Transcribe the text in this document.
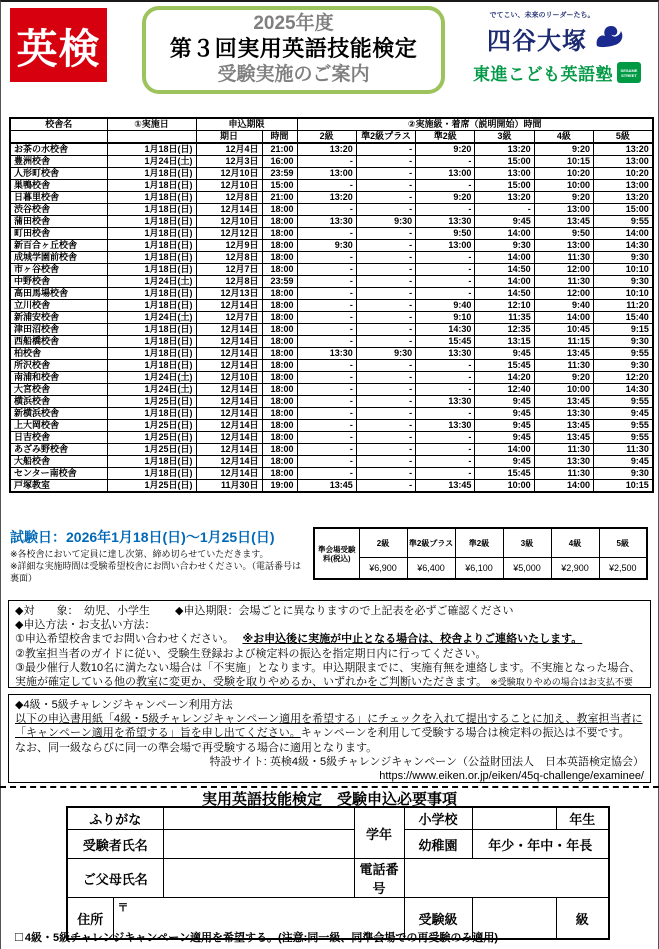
英検
2025年度
第３回実用英語技能検定
受験実施のご案内
でてこい、未来のリーダーたち。
四谷大塚
東進こども英語塾	SESAME STREET
校舎名	①実施日	申込期限		②実施級・着席（説明開始）時間					
		期日	時間	2級	準2級プラス	準2級	3級	4級	5級
お茶の水校舎	1月18日(日)	12月4日	21:00	13:20	-	9:20	13:20	9:20	13:20
豊洲校舎	1月24日(土)	12月3日	16:00	-	-	-	15:00	10:15	13:00
人形町校舎	1月18日(日)	12月10日	23:59	13:00	-	13:00	13:00	10:20	10:20
巣鴨校舎	1月18日(日)	12月10日	15:00	-	-	-	15:00	10:00	13:00
日暮里校舎	1月18日(日)	12月8日	21:00	13:20	-	9:20	13:20	9:20	13:20
渋谷校舎	1月18日(日)	12月14日	18:00	-	-	-	-	13:00	15:00
蒲田校舎	1月18日(日)	12月10日	18:00	13:30	9:30	13:30	9:45	13:45	9:55
町田校舎	1月18日(日)	12月12日	18:00	-	-	9:50	14:00	9:50	14:00
新百合ヶ丘校舎	1月18日(日)	12月9日	18:00	9:30	-	13:00	9:30	13:00	14:30
成城学園前校舎	1月18日(日)	12月8日	18:00	-	-	-	14:00	11:30	9:30
市ヶ谷校舎	1月18日(日)	12月7日	18:00	-	-	-	14:50	12:00	10:10
中野校舎	1月24日(土)	12月8日	23:59	-	-	-	14:00	11:30	9:30
高田馬場校舎	1月18日(日)	12月13日	18:00	-	-	-	14:50	12:00	10:10
立川校舎	1月18日(日)	12月14日	18:00	-	-	9:40	12:10	9:40	11:20
新浦安校舎	1月24日(土)	12月7日	18:00	-	-	9:10	11:35	14:00	15:40
津田沼校舎	1月18日(日)	12月14日	18:00	-	-	14:30	12:35	10:45	9:15
西船橋校舎	1月18日(日)	12月14日	18:00	-	-	15:45	13:15	11:15	9:30
柏校舎	1月18日(日)	12月14日	18:00	13:30	9:30	13:30	9:45	13:45	9:55
所沢校舎	1月18日(日)	12月14日	18:00	-	-	-	15:45	11:30	9:30
南浦和校舎	1月24日(土)	12月10日	18:00	-	-	-	14:20	9:20	12:20
大宮校舎	1月24日(土)	12月14日	18:00	-	-	-	12:40	10:00	14:30
横浜校舎	1月25日(日)	12月14日	18:00	-	-	13:30	9:45	13:45	9:55
新横浜校舎	1月18日(日)	12月14日	18:00	-	-	-	9:45	13:30	9:45
上大岡校舎	1月25日(日)	12月14日	18:00	-	-	13:30	9:45	13:45	9:55
日吉校舎	1月25日(日)	12月14日	18:00	-	-	-	9:45	13:45	9:55
あざみ野校舎	1月25日(日)	12月14日	18:00	-	-	-	14:00	11:30	11:30
大船校舎	1月18日(日)	12月14日	18:00	-	-	-	9:45	13:30	9:45
センター南校舎	1月18日(日)	12月14日	18:00	-	-	-	15:45	11:30	9:30
戸塚教室	1月25日(日)	11月30日	19:00	13:45	-	13:45	10:00	14:00	10:15
試験日：2026年1月18日(日)～1月25日(日)
※各校舎において定員に達し次第、締め切らせていただきます。
※詳細な実施時間は受験希望校舎にお問い合わせください。（電話番号は裏面）
準会場受験料(税込)	2級	準2級プラス	準2級	3級	4級	5級
	¥6,900	¥6,400	¥6,100	¥5,000	¥2,900	¥2,500
◆対　　象：　幼児、小学生　　 ◆申込期限：会場ごとに異なりますので上記表を必ずご確認ください
◆申込方法・お支払い方法：
①申込希望校舎までお問い合わせください。　 ※お申込後に実施が中止となる場合は、校舎よりご連絡いたします。
②教室担当者のガイドに従い、受験生登録および検定料の振込を指定期日内に行ってください。
③最少催行人数10名に満たない場合は「不実施」となります。申込期限までに、実施有無を連絡します。不実施となった場合、
実施が確定している他の教室に変更か、受験を取りやめるか、いずれかをご判断いただきます。 ※受験取りやめの場合はお支払不要
◆4級・5級チャレンジキャンペーン利用方法
以下の申込書用紙「4級・5級チャレンジキャンペーン適用を希望する」にチェックを入れて提出することに加え、教室担当者に
「キャンペーン適用を希望する」旨を申し出てください。キャンペーンを利用して受験する場合は検定料の振込は不要です。
なお、同一級ならびに同一の準会場で再受験する場合に適用となります。
特設サイト: 英検4級・5級チャレンジキャンペーン（公益財団法人　日本英語検定協会）
https://www.eiken.or.jp/eiken/45q-challenge/examinee/
実用英語技能検定　受験申込必要事項
ふりがな			学年	小学校		年生
受験者氏名				幼稚園	年少・年中・年長	
ご父母氏名			電話番号			
住所	〒			受験級		級
□ 4級・5級チャレンジキャンペーン適用を希望する。(注意:同一級、同準会場での再受験のみ適用)
